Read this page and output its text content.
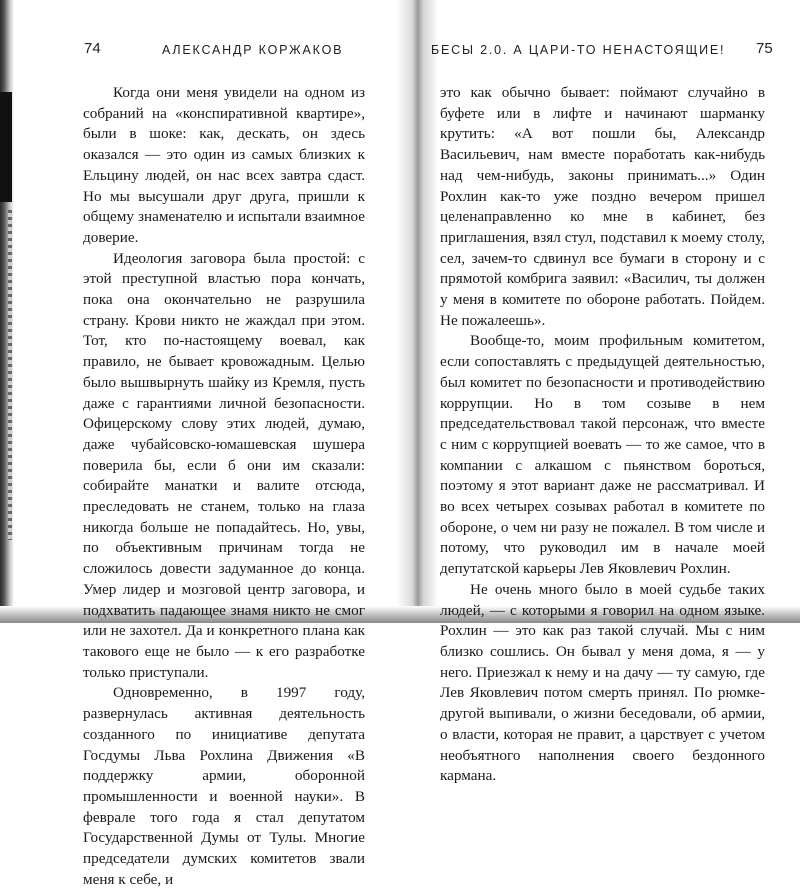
74	АЛЕКСАНДР КОРЖАКОВ

Когда они меня увидели на одном из собраний на «конспиративной квартире», были в шоке: как, дескать, он здесь оказался — это один из самых близких к Ельцину людей, он нас всех завтра сдаст. Но мы высушали друг друга, пришли к общему знаменателю и испытали взаимное доверие.

Идеология заговора была простой: с этой преступной властью пора кончать, пока она окончательно не разрушила страну. Крови никто не жаждал при этом. Тот, кто по-настоящему воевал, как правило, не бывает кровожадным. Целью было вышвырнуть шайку из Кремля, пусть даже с гарантиями личной безопасности. Офицерскому слову этих людей, думаю, даже чубайсовско-юмашевская шушера поверила бы, если б они им сказали: собирайте манатки и валите отсюда, преследовать не станем, только на глаза никогда больше не попадайтесь. Но, увы, по объективным причинам тогда не сложилось довести задуманное до конца. Умер лидер и мозговой центр заговора, и подхватить падающее знамя никто не смог или не захотел. Да и конкретного плана как такового еще не было — к его разработке только приступали.

Одновременно, в 1997 году, развернулась активная деятельность созданного по инициативе депутата Госдумы Льва Рохлина Движения «В поддержку армии, оборонной промышленности и военной науки». В феврале того года я стал депутатом Государственной Думы от Тулы. Многие председатели думских комитетов звали меня к себе, и

БЕСЫ 2.0. А ЦАРИ-ТО НЕНАСТОЯЩИЕ! 75

это как обычно бывает: поймают случайно в буфете или в лифте и начинают шарманку крутить: «А вот пошли бы, Александр Васильевич, нам вместе поработать как-нибудь над чем-нибудь, законы принимать...» Один Рохлин как-то уже поздно вечером пришел целенаправленно ко мне в кабинет, без приглашения, взял стул, подставил к моему столу, сел, зачем-то сдвинул все бумаги в сторону и с прямотой комбрига заявил: «Василич, ты должен у меня в комитете по обороне работать. Пойдем. Не пожалеешь».

Вообще-то, моим профильным комитетом, если сопоставлять с предыдущей деятельностью, был комитет по безопасности и противодействию коррупции. Но в том созыве в нем председательствовал такой персонаж, что вместе с ним с коррупцией воевать — то же самое, что в компании с алкашом с пьянством бороться, поэтому я этот вариант даже не рассматривал. И во всех четырех созывах работал в комитете по обороне, о чем ни разу не пожалел. В том числе и потому, что руководил им в начале моей депутатской карьеры Лев Яковлевич Рохлин.

Не очень много было в моей судьбе таких людей, — с которыми я говорил на одном языке. Рохлин — это как раз такой случай. Мы с ним близко сошлись. Он бывал у меня дома, я — у него. Приезжал к нему и на дачу — ту самую, где Лев Яковлевич потом смерть принял. По рюмке-другой выпивали, о жизни беседовали, об армии, о власти, которая не правит, а царствует с учетом необъятного наполнения своего бездонного кармана.
